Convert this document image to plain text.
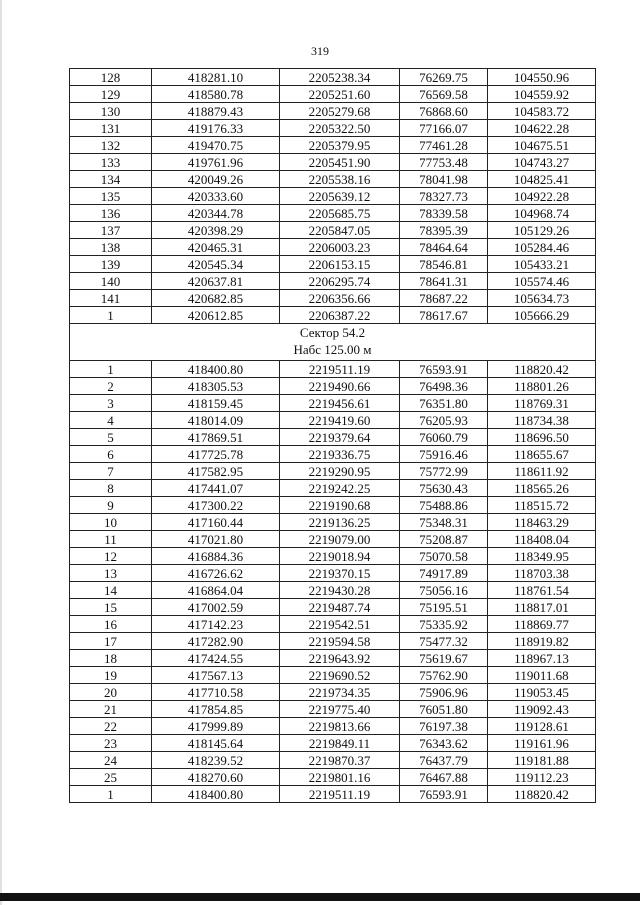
319
128	418281.10	2205238.34	76269.75	104550.96
129	418580.78	2205251.60	76569.58	104559.92
130	418879.43	2205279.68	76868.60	104583.72
131	419176.33	2205322.50	77166.07	104622.28
132	419470.75	2205379.95	77461.28	104675.51
133	419761.96	2205451.90	77753.48	104743.27
134	420049.26	2205538.16	78041.98	104825.41
135	420333.60	2205639.12	78327.73	104922.28
136	420344.78	2205685.75	78339.58	104968.74
137	420398.29	2205847.05	78395.39	105129.26
138	420465.31	2206003.23	78464.64	105284.46
139	420545.34	2206153.15	78546.81	105433.21
140	420637.81	2206295.74	78641.31	105574.46
141	420682.85	2206356.66	78687.22	105634.73
1	420612.85	2206387.22	78617.67	105666.29

Сектор 54.2
Набс 125.00 м				

1	418400.80	2219511.19	76593.91	118820.42
2	418305.53	2219490.66	76498.36	118801.26
3	418159.45	2219456.61	76351.80	118769.31
4	418014.09	2219419.60	76205.93	118734.38
5	417869.51	2219379.64	76060.79	118696.50
6	417725.78	2219336.75	75916.46	118655.67
7	417582.95	2219290.95	75772.99	118611.92
8	417441.07	2219242.25	75630.43	118565.26
9	417300.22	2219190.68	75488.86	118515.72
10	417160.44	2219136.25	75348.31	118463.29
11	417021.80	2219079.00	75208.87	118408.04
12	416884.36	2219018.94	75070.58	118349.95
13	416726.62	2219370.15	74917.89	118703.38
14	416864.04	2219430.28	75056.16	118761.54
15	417002.59	2219487.74	75195.51	118817.01
16	417142.23	2219542.51	75335.92	118869.77
17	417282.90	2219594.58	75477.32	118919.82
18	417424.55	2219643.92	75619.67	118967.13
19	417567.13	2219690.52	75762.90	119011.68
20	417710.58	2219734.35	75906.96	119053.45
21	417854.85	2219775.40	76051.80	119092.43
22	417999.89	2219813.66	76197.38	119128.61
23	418145.64	2219849.11	76343.62	119161.96
24	418239.52	2219870.37	76437.79	119181.88
25	418270.60	2219801.16	76467.88	119112.23
1	418400.80	2219511.19	76593.91	118820.42
